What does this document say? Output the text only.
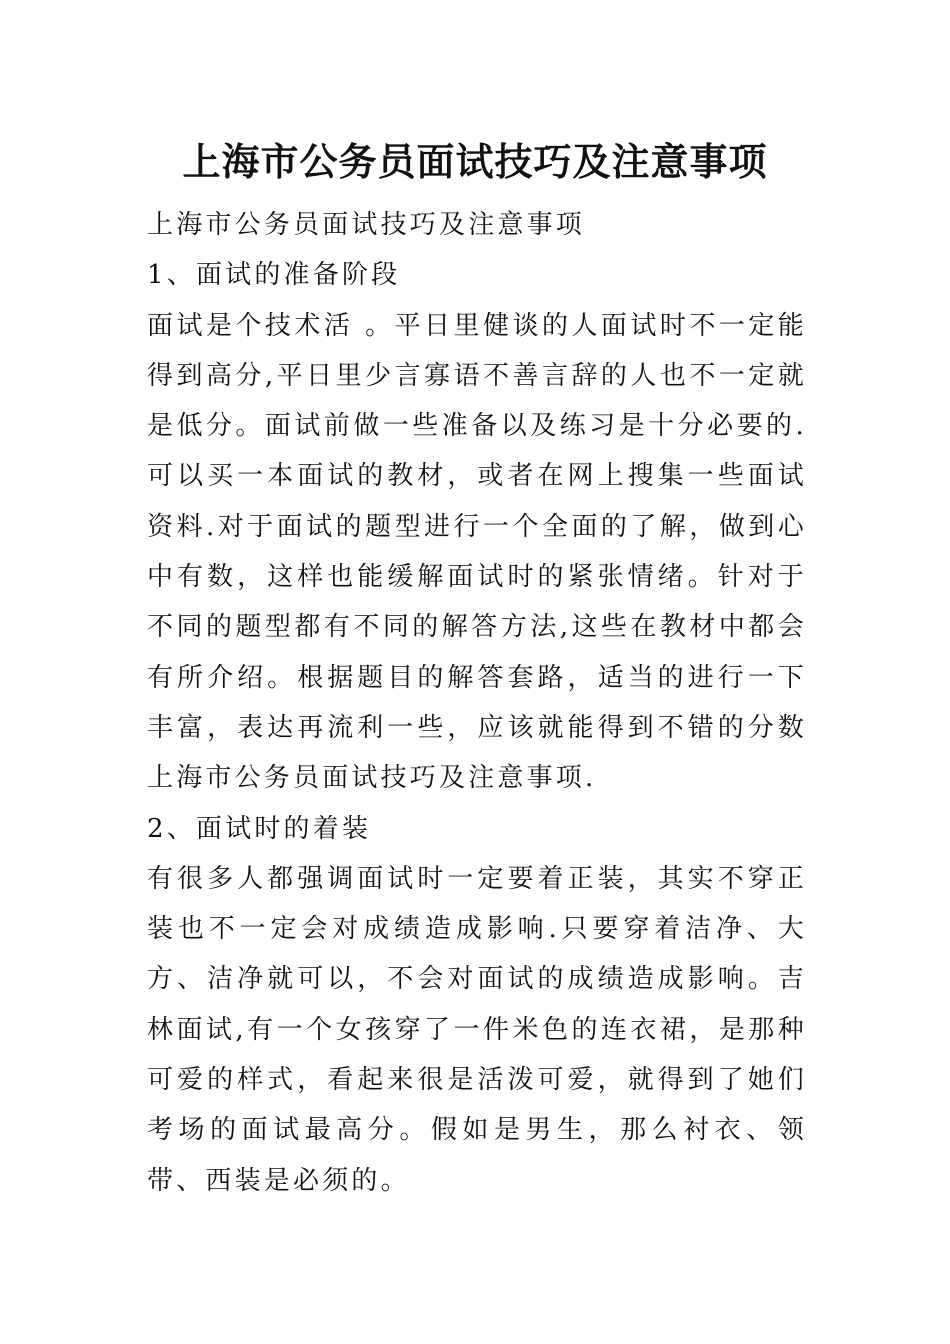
上海市公务员面试技巧及注意事项

上海市公务员面试技巧及注意事项

1、面试的准备阶段

面试是个技术活 。平日里健谈的人面试时不一定能得到高分,平日里少言寡语不善言辞的人也不一定就是低分。面试前做一些准备以及练习是十分必要的.可以买一本面试的教材，或者在网上搜集一些面试资料.对于面试的题型进行一个全面的了解，做到心中有数，这样也能缓解面试时的紧张情绪。针对于不同的题型都有不同的解答方法,这些在教材中都会有所介绍。根据题目的解答套路，适当的进行一下丰富，表达再流利一些，应该就能得到不错的分数上海市公务员面试技巧及注意事项.

2、面试时的着装

有很多人都强调面试时一定要着正装，其实不穿正装也不一定会对成绩造成影响.只要穿着洁净、大方、洁净就可以，不会对面试的成绩造成影响。吉林面试,有一个女孩穿了一件米色的连衣裙，是那种可爱的样式，看起来很是活泼可爱，就得到了她们考场的面试最高分。假如是男生，那么衬衣、领带、西装是必须的。
